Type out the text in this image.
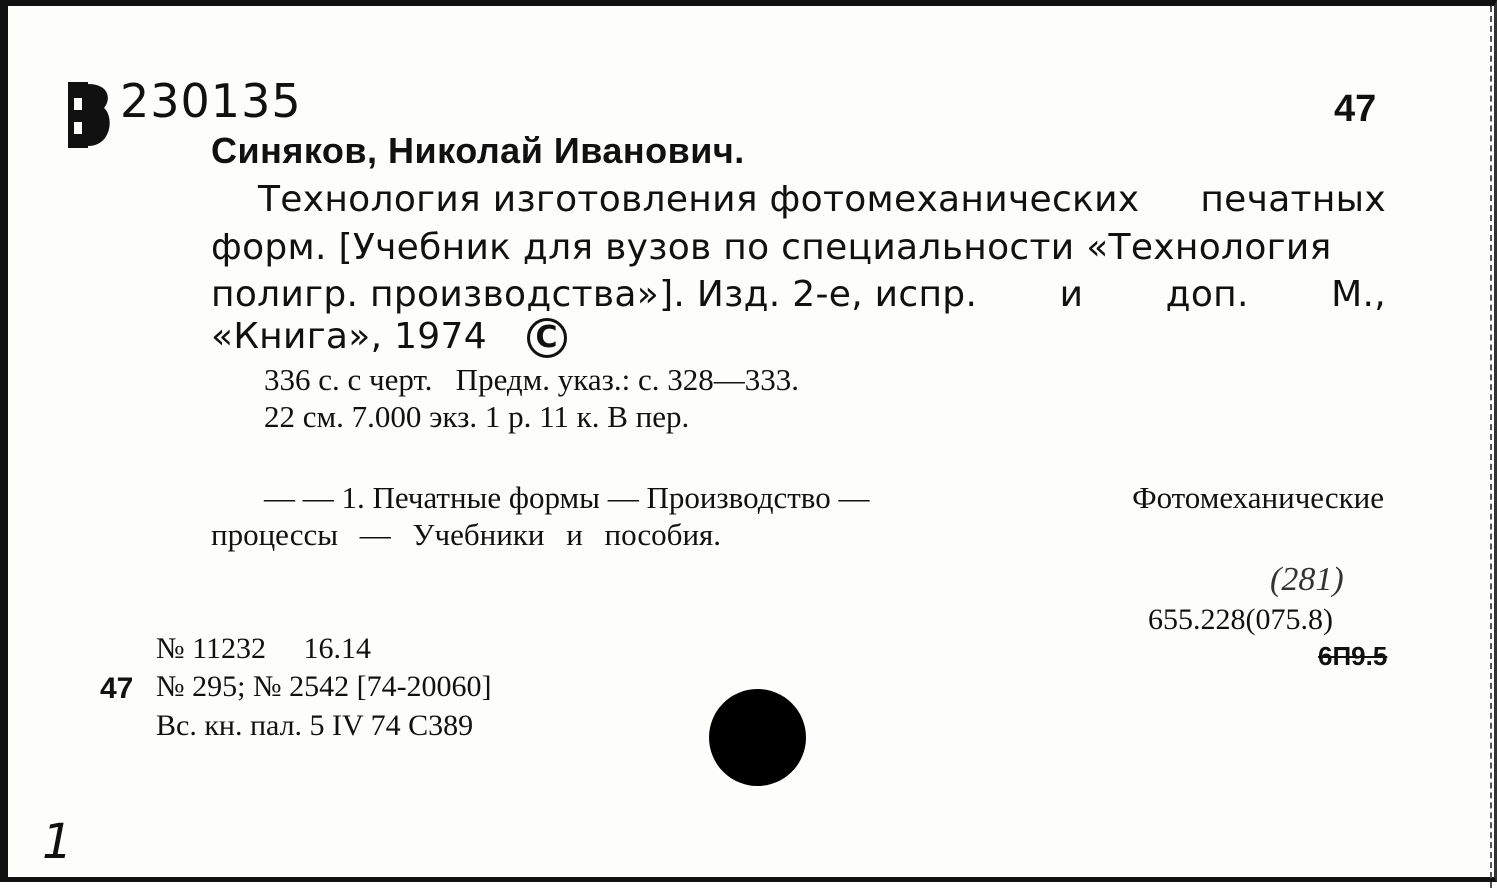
230135	47
Синяков, Николай Иванович.
Технология изготовления фотомеханических печатных
форм. [Учебник для вузов по специальности «Технология
полигр. производства»]. Изд. 2-е, испр. и доп. М.,
«Книга», 1974 C
336 с. с черт.   Предм. указ.: с. 328—333.
22 см. 7.000 экз. 1 р. 11 к. В пер.
— — 1. Печатные формы — Производство —	Фотомеханические
процессы — Учебники и пособия.
(281)
655.228(075.8)
6П9.5
№ 11232     16.14
47 № 295; № 2542 [74-20060]
Вс. кн. пал. 5 IV 74 С389
1
